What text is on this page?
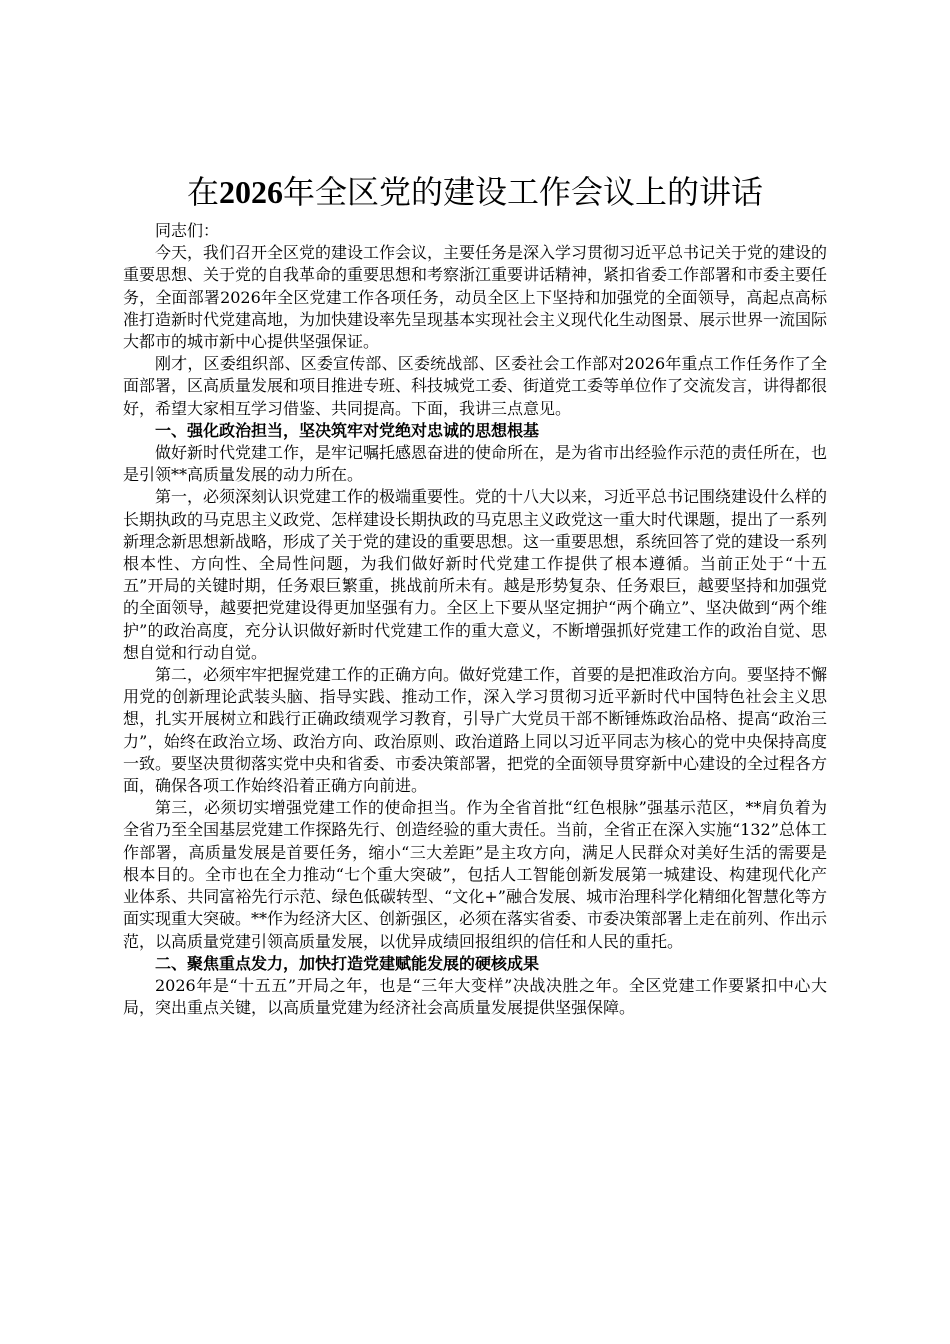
在2026年全区党的建设工作会议上的讲话

同志们：

今天，我们召开全区党的建设工作会议，主要任务是深入学习贯彻习近平总书记关于党的建设的重要思想、关于党的自我革命的重要思想和考察浙江重要讲话精神，紧扣省委工作部署和市委主要任务，全面部署2026年全区党建工作各项任务，动员全区上下坚持和加强党的全面领导，高起点高标准打造新时代党建高地，为加快建设率先呈现基本实现社会主义现代化生动图景、展示世界一流国际大都市的城市新中心提供坚强保证。

刚才，区委组织部、区委宣传部、区委统战部、区委社会工作部对2026年重点工作任务作了全面部署，区高质量发展和项目推进专班、科技城党工委、街道党工委等单位作了交流发言，讲得都很好，希望大家相互学习借鉴、共同提高。下面，我讲三点意见。

一、强化政治担当，坚决筑牢对党绝对忠诚的思想根基

做好新时代党建工作，是牢记嘱托感恩奋进的使命所在，是为省市出经验作示范的责任所在，也是引领**高质量发展的动力所在。

第一，必须深刻认识党建工作的极端重要性。党的十八大以来，习近平总书记围绕建设什么样的长期执政的马克思主义政党、怎样建设长期执政的马克思主义政党这一重大时代课题，提出了一系列新理念新思想新战略，形成了关于党的建设的重要思想。这一重要思想，系统回答了党的建设一系列根本性、方向性、全局性问题，为我们做好新时代党建工作提供了根本遵循。当前正处于“十五五”开局的关键时期，任务艰巨繁重，挑战前所未有。越是形势复杂、任务艰巨，越要坚持和加强党的全面领导，越要把党建设得更加坚强有力。全区上下要从坚定拥护“两个确立”、坚决做到“两个维护”的政治高度，充分认识做好新时代党建工作的重大意义，不断增强抓好党建工作的政治自觉、思想自觉和行动自觉。

第二，必须牢牢把握党建工作的正确方向。做好党建工作，首要的是把准政治方向。要坚持不懈用党的创新理论武装头脑、指导实践、推动工作，深入学习贯彻习近平新时代中国特色社会主义思想，扎实开展树立和践行正确政绩观学习教育，引导广大党员干部不断锤炼政治品格、提高“政治三力”，始终在政治立场、政治方向、政治原则、政治道路上同以习近平同志为核心的党中央保持高度一致。要坚决贯彻落实党中央和省委、市委决策部署，把党的全面领导贯穿新中心建设的全过程各方面，确保各项工作始终沿着正确方向前进。

第三，必须切实增强党建工作的使命担当。作为全省首批“红色根脉”强基示范区，**肩负着为全省乃至全国基层党建工作探路先行、创造经验的重大责任。当前，全省正在深入实施“132”总体工作部署，高质量发展是首要任务，缩小“三大差距”是主攻方向，满足人民群众对美好生活的需要是根本目的。全市也在全力推动“七个重大突破”，包括人工智能创新发展第一城建设、构建现代化产业体系、共同富裕先行示范、绿色低碳转型、“文化+”融合发展、城市治理科学化精细化智慧化等方面实现重大突破。**作为经济大区、创新强区，必须在落实省委、市委决策部署上走在前列、作出示范，以高质量党建引领高质量发展，以优异成绩回报组织的信任和人民的重托。

二、聚焦重点发力，加快打造党建赋能发展的硬核成果

2026年是“十五五”开局之年，也是“三年大变样”决战决胜之年。全区党建工作要紧扣中心大局，突出重点关键，以高质量党建为经济社会高质量发展提供坚强保障。
